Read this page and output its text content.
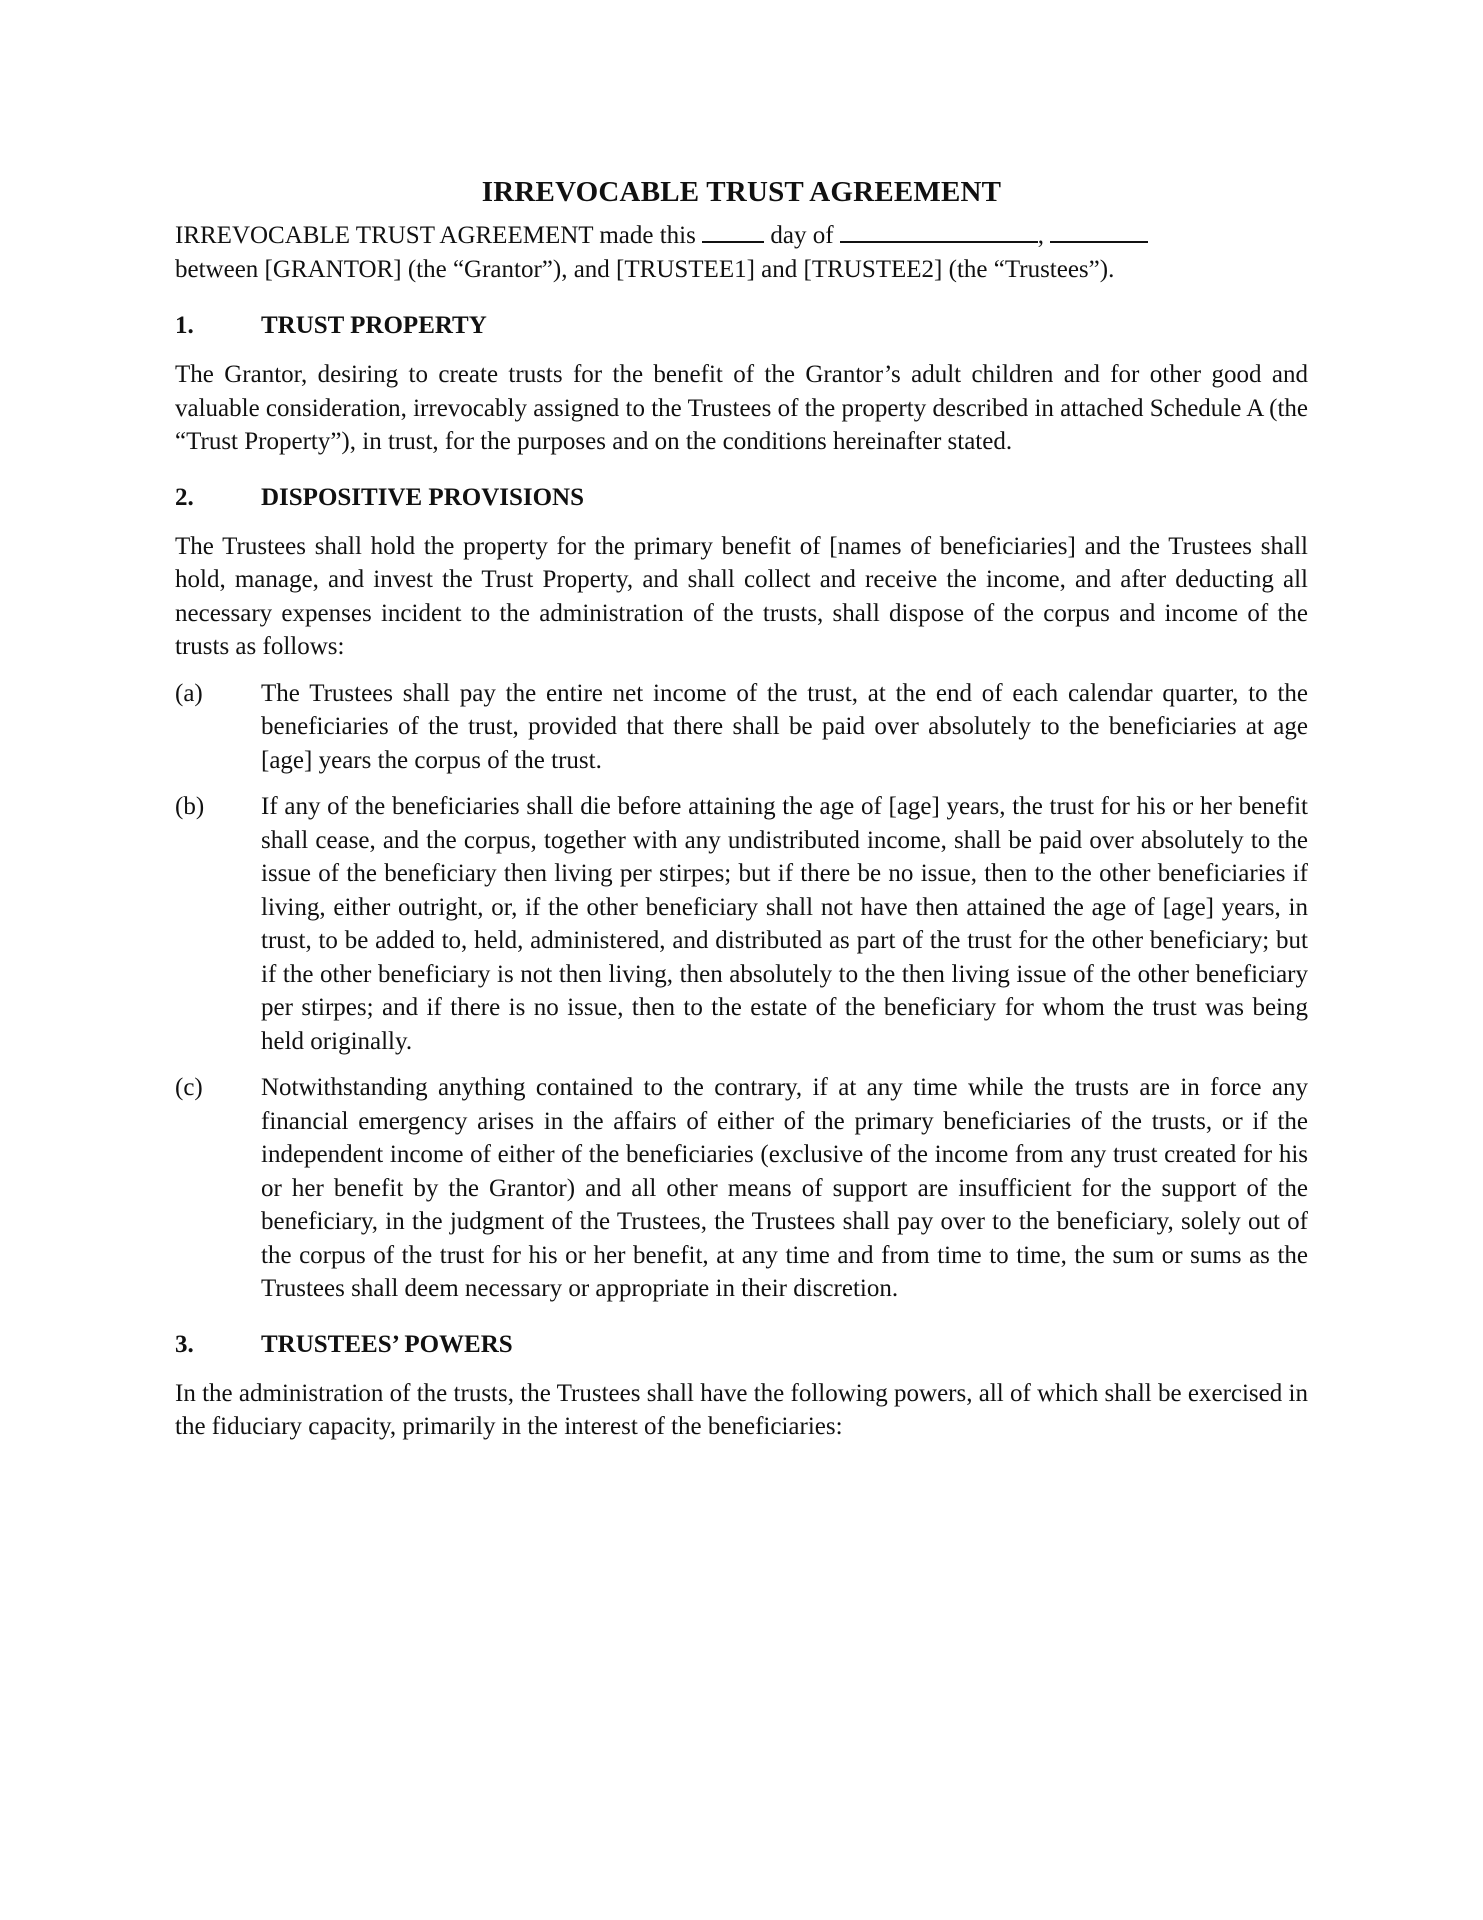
IRREVOCABLE TRUST AGREEMENT

IRREVOCABLE TRUST AGREEMENT made this	day of	,
between [GRANTOR] (the “Grantor”), and [TRUSTEE1] and [TRUSTEE2] (the “Trustees”).

1.	TRUST PROPERTY

The Grantor, desiring to create trusts for the benefit of the Grantor’s adult children and for other good and valuable consideration, irrevocably assigned to the Trustees of the property described in attached Schedule A (the “Trust Property”), in trust, for the purposes and on the conditions hereinafter stated.

2.	DISPOSITIVE PROVISIONS

The Trustees shall hold the property for the primary benefit of [names of beneficiaries] and the Trustees shall hold, manage, and invest the Trust Property, and shall collect and receive the income, and after deducting all necessary expenses incident to the administration of the trusts, shall dispose of the corpus and income of the trusts as follows:

(a)	The Trustees shall pay the entire net income of the trust, at the end of each calendar quarter, to the beneficiaries of the trust, provided that there shall be paid over absolutely to the beneficiaries at age [age] years the corpus of the trust.
(b)	If any of the beneficiaries shall die before attaining the age of [age] years, the trust for his or her benefit shall cease, and the corpus, together with any undistributed income, shall be paid over absolutely to the issue of the beneficiary then living per stirpes; but if there be no issue, then to the other beneficiaries if living, either outright, or, if the other beneficiary shall not have then attained the age of [age] years, in trust, to be added to, held, administered, and distributed as part of the trust for the other beneficiary; but if the other beneficiary is not then living, then absolutely to the then living issue of the other beneficiary per stirpes; and if there is no issue, then to the estate of the beneficiary for whom the trust was being held originally.
(c)	Notwithstanding anything contained to the contrary, if at any time while the trusts are in force any financial emergency arises in the affairs of either of the primary beneficiaries of the trusts, or if the independent income of either of the beneficiaries (exclusive of the income from any trust created for his or her benefit by the Grantor) and all other means of support are insufficient for the support of the beneficiary, in the judgment of the Trustees, the Trustees shall pay over to the beneficiary, solely out of the corpus of the trust for his or her benefit, at any time and from time to time, the sum or sums as the Trustees shall deem necessary or appropriate in their discretion.
3.	TRUSTEES’ POWERS

In the administration of the trusts, the Trustees shall have the following powers, all of which shall be exercised in the fiduciary capacity, primarily in the interest of the beneficiaries:
